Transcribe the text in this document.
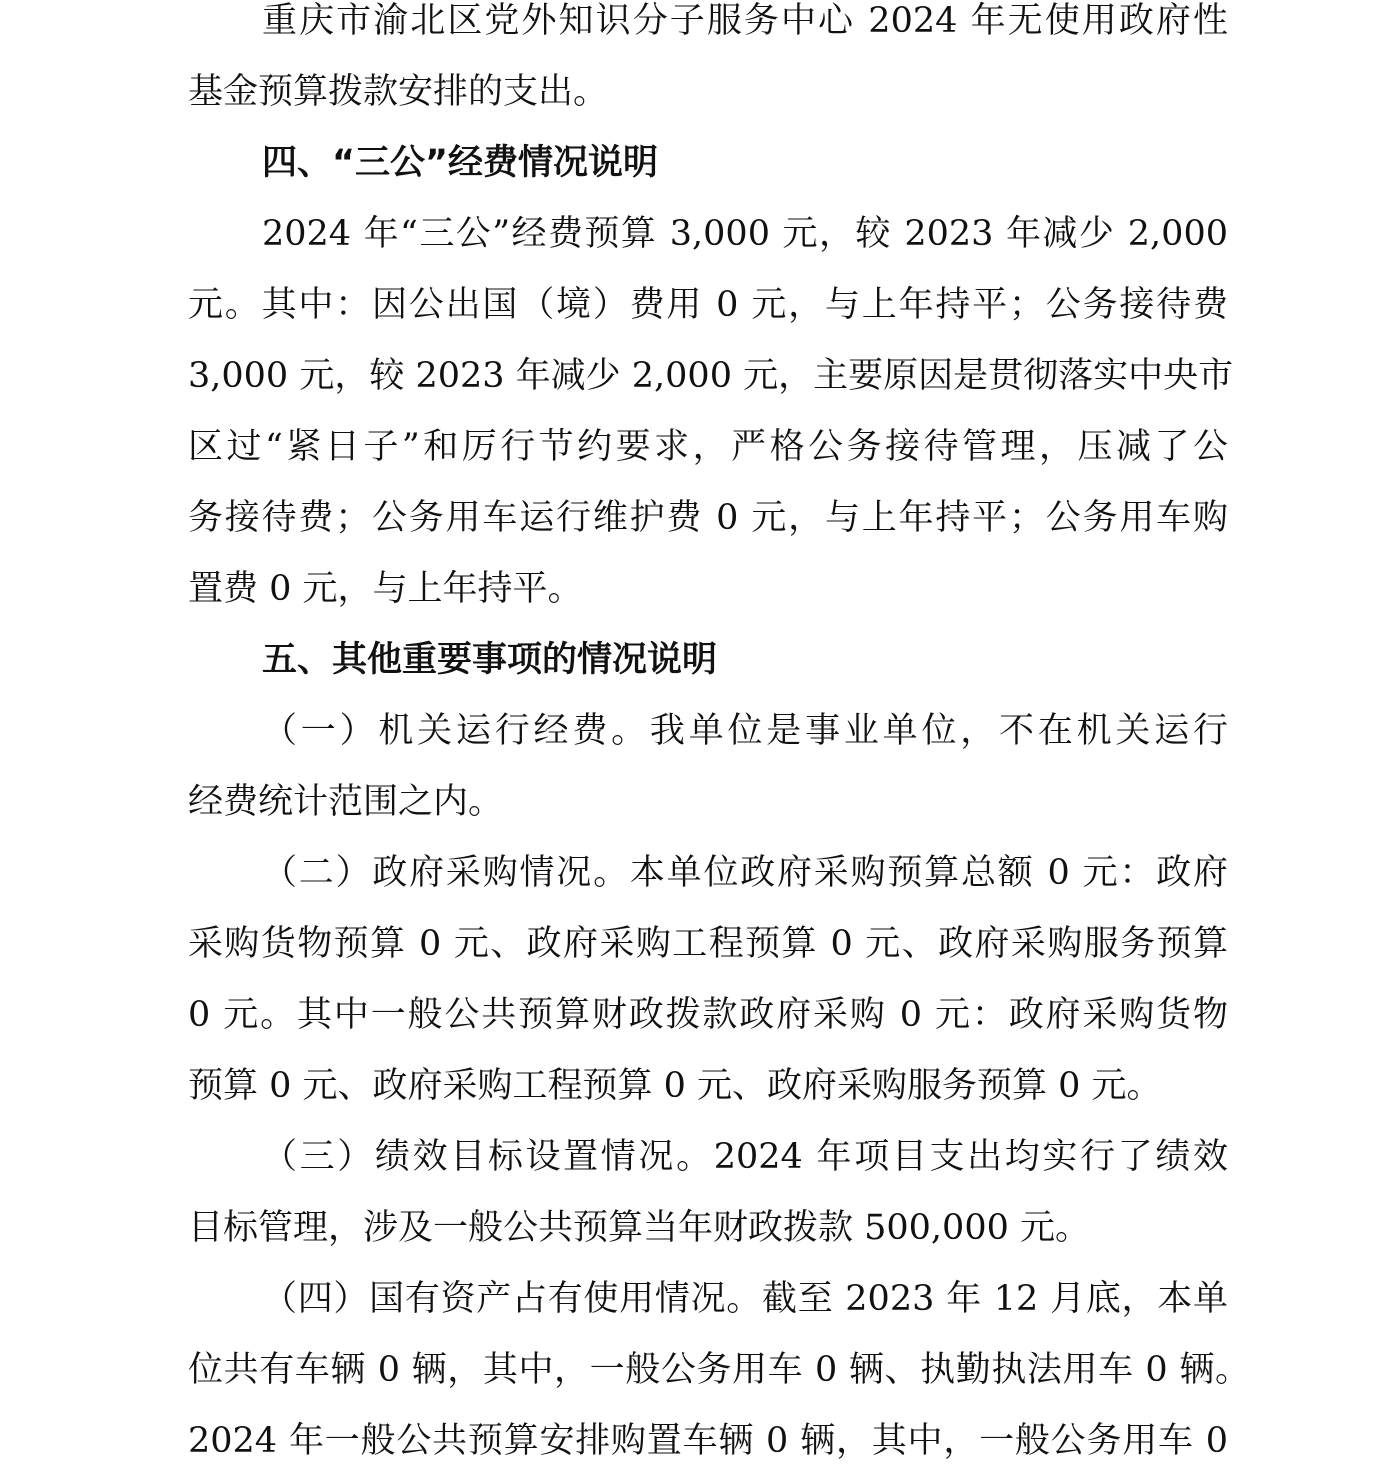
重庆市渝北区党外知识分子服务中心 2024 年无使用政府性
基金预算拨款安排的支出。
四、“三公”经费情况说明
2024 年“三公”经费预算 3,000 元，较 2023 年减少 2,000
元。其中：因公出国（境）费用 0 元，与上年持平；公务接待费
3,000 元，较 2023 年减少 2,000 元，主要原因是贯彻落实中央市
区过“紧日子”和厉行节约要求，严格公务接待管理，压减了公
务接待费；公务用车运行维护费 0 元，与上年持平；公务用车购
置费 0 元，与上年持平。
五、其他重要事项的情况说明
（一）机关运行经费。我单位是事业单位，不在机关运行
经费统计范围之内。
（二）政府采购情况。本单位政府采购预算总额 0 元：政府
采购货物预算 0 元、政府采购工程预算 0 元、政府采购服务预算
0 元。其中一般公共预算财政拨款政府采购 0 元：政府采购货物
预算 0 元、政府采购工程预算 0 元、政府采购服务预算 0 元。
（三）绩效目标设置情况。2024 年项目支出均实行了绩效
目标管理，涉及一般公共预算当年财政拨款 500,000 元。
（四）国有资产占有使用情况。截至 2023 年 12 月底，本单
位共有车辆 0 辆，其中，一般公务用车 0 辆、执勤执法用车 0 辆。
2024 年一般公共预算安排购置车辆 0 辆，其中，一般公务用车 0
